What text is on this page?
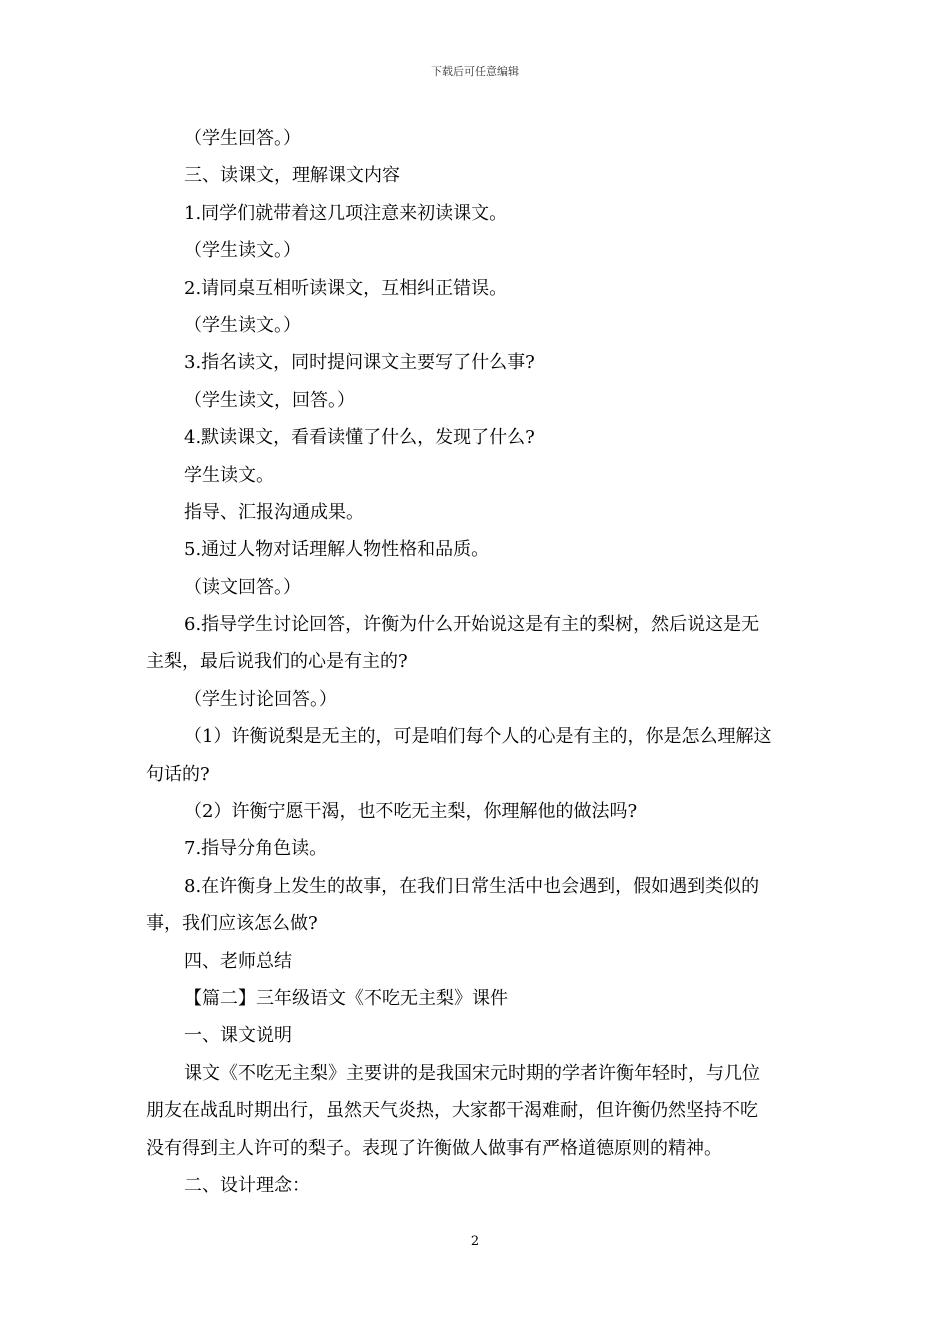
下载后可任意编辑
（学生回答。）
三、读课文，理解课文内容
1.同学们就带着这几项注意来初读课文。
（学生读文。）
2.请同桌互相听读课文，互相纠正错误。
（学生读文。）
3.指名读文，同时提问课文主要写了什么事?
（学生读文，回答。）
4.默读课文，看看读懂了什么，发现了什么?
学生读文。
指导、汇报沟通成果。
5.通过人物对话理解人物性格和品质。
（读文回答。）
6.指导学生讨论回答，许衡为什么开始说这是有主的梨树，然后说这是无
主梨，最后说我们的心是有主的?
（学生讨论回答。）
（1）许衡说梨是无主的，可是咱们每个人的心是有主的，你是怎么理解这
句话的?
（2）许衡宁愿干渴，也不吃无主梨，你理解他的做法吗?
7.指导分角色读。
8.在许衡身上发生的故事，在我们日常生活中也会遇到，假如遇到类似的
事，我们应该怎么做?
四、老师总结
【篇二】三年级语文《不吃无主梨》课件
一、课文说明
课文《不吃无主梨》主要讲的是我国宋元时期的学者许衡年轻时，与几位
朋友在战乱时期出行，虽然天气炎热，大家都干渴难耐，但许衡仍然坚持不吃
没有得到主人许可的梨子。表现了许衡做人做事有严格道德原则的精神。
二、设计理念：
2
